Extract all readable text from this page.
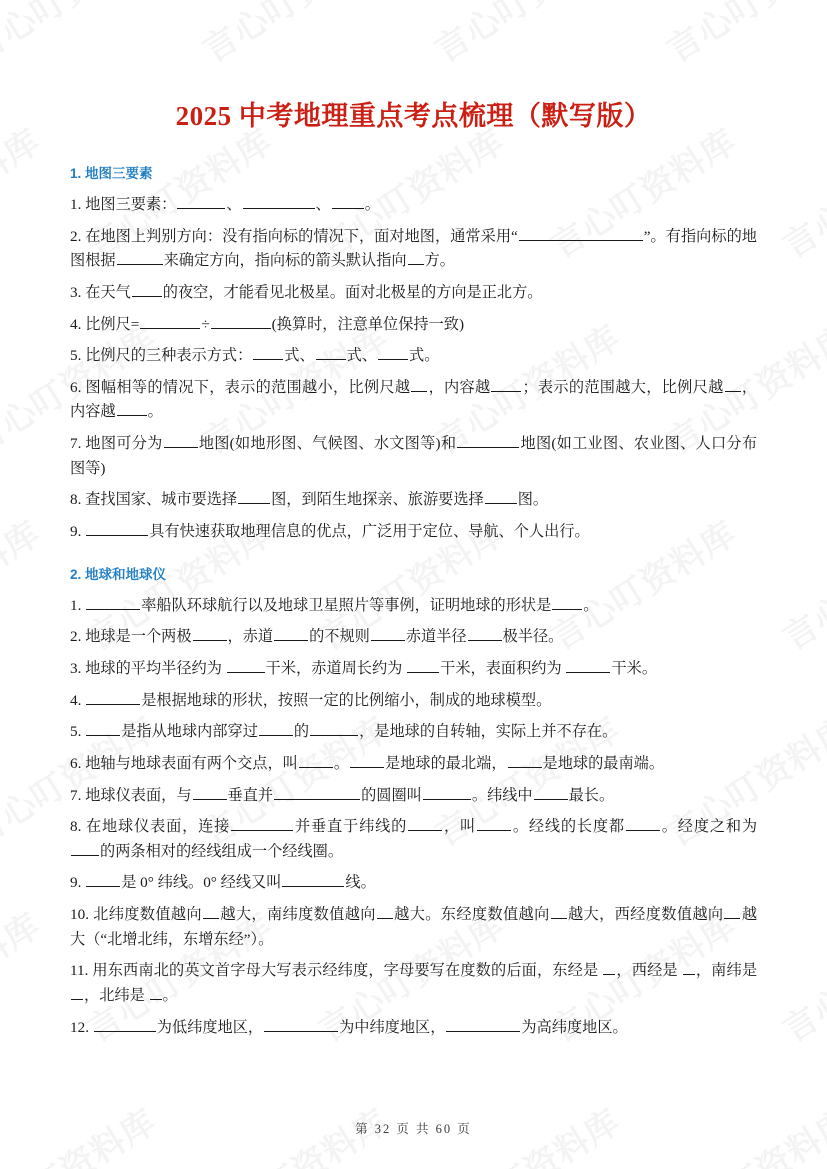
2025 中考地理重点考点梳理（默写版）
1. 地图三要素

1. 地图三要素：	、	、 。

2. 在地图上判别方向：没有指向标的情况下，面对地图，通常采用“	”。有指向标的地图根据	来确定方向，指向标的箭头默认指向 方。

3. 在天气 的夜空，才能看见北极星。面对北极星的方向是正北方。

4. 比例尺=	÷	(换算时，注意单位保持一致)

5. 比例尺的三种表示方式： 式、 式、 式。

6. 图幅相等的情况下，表示的范围越小，比例尺越 ，内容越 ；表示的范围越大，比例尺越 ，内容越 。

7. 地图可分为 地图(如地形图、气候图、水文图等)和	地图(如工业图、农业图、人口分布图等)

8. 查找国家、城市要选择 图，到陌生地探亲、旅游要选择 图。

9.	具有快速获取地理信息的优点，广泛用于定位、导航、个人出行。

2. 地球和地球仪

1.	率船队环球航行以及地球卫星照片等事例，证明地球的形状是 。

2. 地球是一个两极 ，赤道 的不规则 赤道半径 极半径。

3. 地球的平均半径约为	干米，赤道周长约为 干米，表面积约为	干米。

4.	是根据地球的形状，按照一定的比例缩小，制成的地球模型。

5. 是指从地球内部穿过 的	，是地球的自转轴，实际上并不存在。

6. 地轴与地球表面有两个交点，叫 。 是地球的最北端， 是地球的最南端。

7. 地球仪表面，与 垂直并	的圆圈叫	。纬线中 最长。

8. 在地球仪表面，连接	并垂直于纬线的 ，叫 。经线的长度都 。经度之和为 的两条相对的经线组成一个经线圈。

9. 是 0° 纬线。0° 经线又叫	线。

10. 北纬度数值越向 越大，南纬度数值越向 越大。东经度数值越向 越大，西经度数值越向 越大（“北增北纬，东增东经”）。

11. 用东西南北的英文首字母大写表示经纬度，字母要写在度数的后面，东经是 ，西经是 ，南纬是 ，北纬是 。

12.	为低纬度地区，	为中纬度地区，	为高纬度地区。

第 32 页 共 60 页
